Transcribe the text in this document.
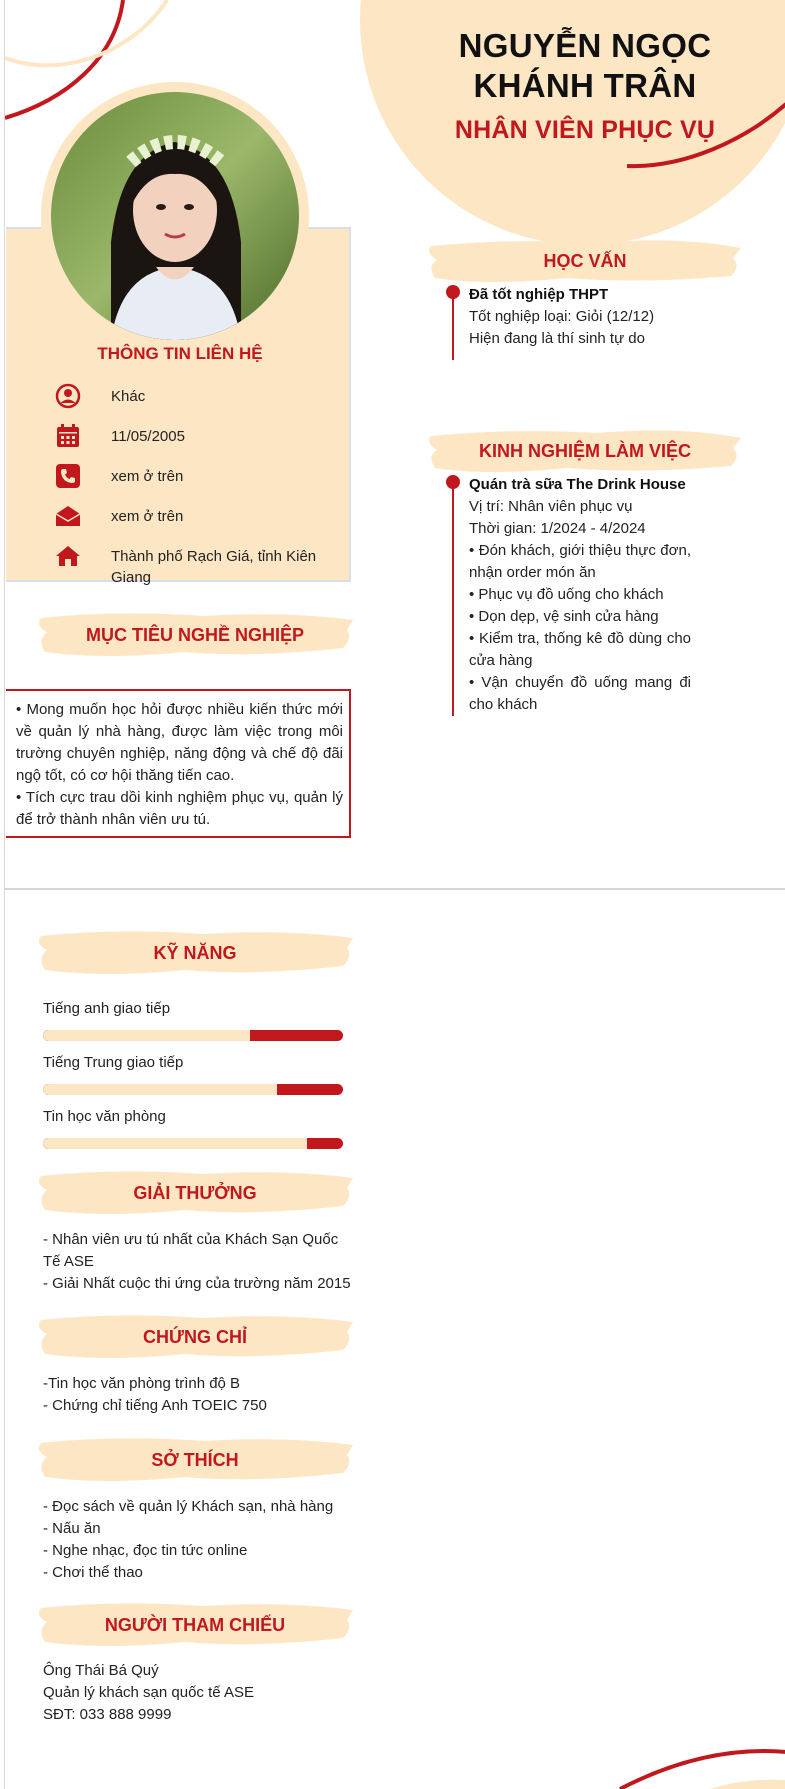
NGUYỄN NGỌC
KHÁNH TRÂN
NHÂN VIÊN PHỤC VỤ
THÔNG TIN LIÊN HỆ
Khác
11/05/2005
xem ở trên
xem ở trên
Thành phố Rạch Giá, tỉnh Kiên Giang
MỤC TIÊU NGHỀ NGHIỆP
• Mong muốn học hỏi được nhiều kiến thức mới về quản lý nhà hàng, được làm việc trong môi trường chuyên nghiệp, năng động và chế độ đãi ngộ tốt, có cơ hội thăng tiến cao.
• Tích cực trau dồi kinh nghiệm phục vụ, quản lý để trở thành nhân viên ưu tú.
HỌC VẤN
Đã tốt nghiệp THPT
Tốt nghiệp loại: Giỏi (12/12)
Hiện đang là thí sinh tự do
KINH NGHIỆM LÀM VIỆC
Quán trà sữa The Drink House
Vị trí: Nhân viên phục vụ
Thời gian: 1/2024 - 4/2024
• Đón khách, giới thiệu thực đơn, nhận order món ăn
• Phục vụ đồ uống cho khách
• Dọn dẹp, vệ sinh cửa hàng
• Kiểm tra, thống kê đồ dùng cho cửa hàng
• Vận chuyển đồ uống mang đi cho khách
KỸ NĂNG
Tiếng anh giao tiếp
Tiếng Trung giao tiếp
Tin học văn phòng
GIẢI THƯỞNG
- Nhân viên ưu tú nhất của Khách Sạn Quốc Tế ASE
- Giải Nhất cuộc thi ứng của trường năm 2015
CHỨNG CHỈ
-Tin học văn phòng trình độ B
- Chứng chỉ tiếng Anh TOEIC 750
SỞ THÍCH
- Đọc sách về quản lý Khách sạn, nhà hàng
- Nấu ăn
- Nghe nhạc, đọc tin tức online
- Chơi thể thao
NGƯỜI THAM CHIẾU
Ông Thái Bá Quý
Quản lý khách sạn quốc tế ASE
SĐT: 033 888 9999
